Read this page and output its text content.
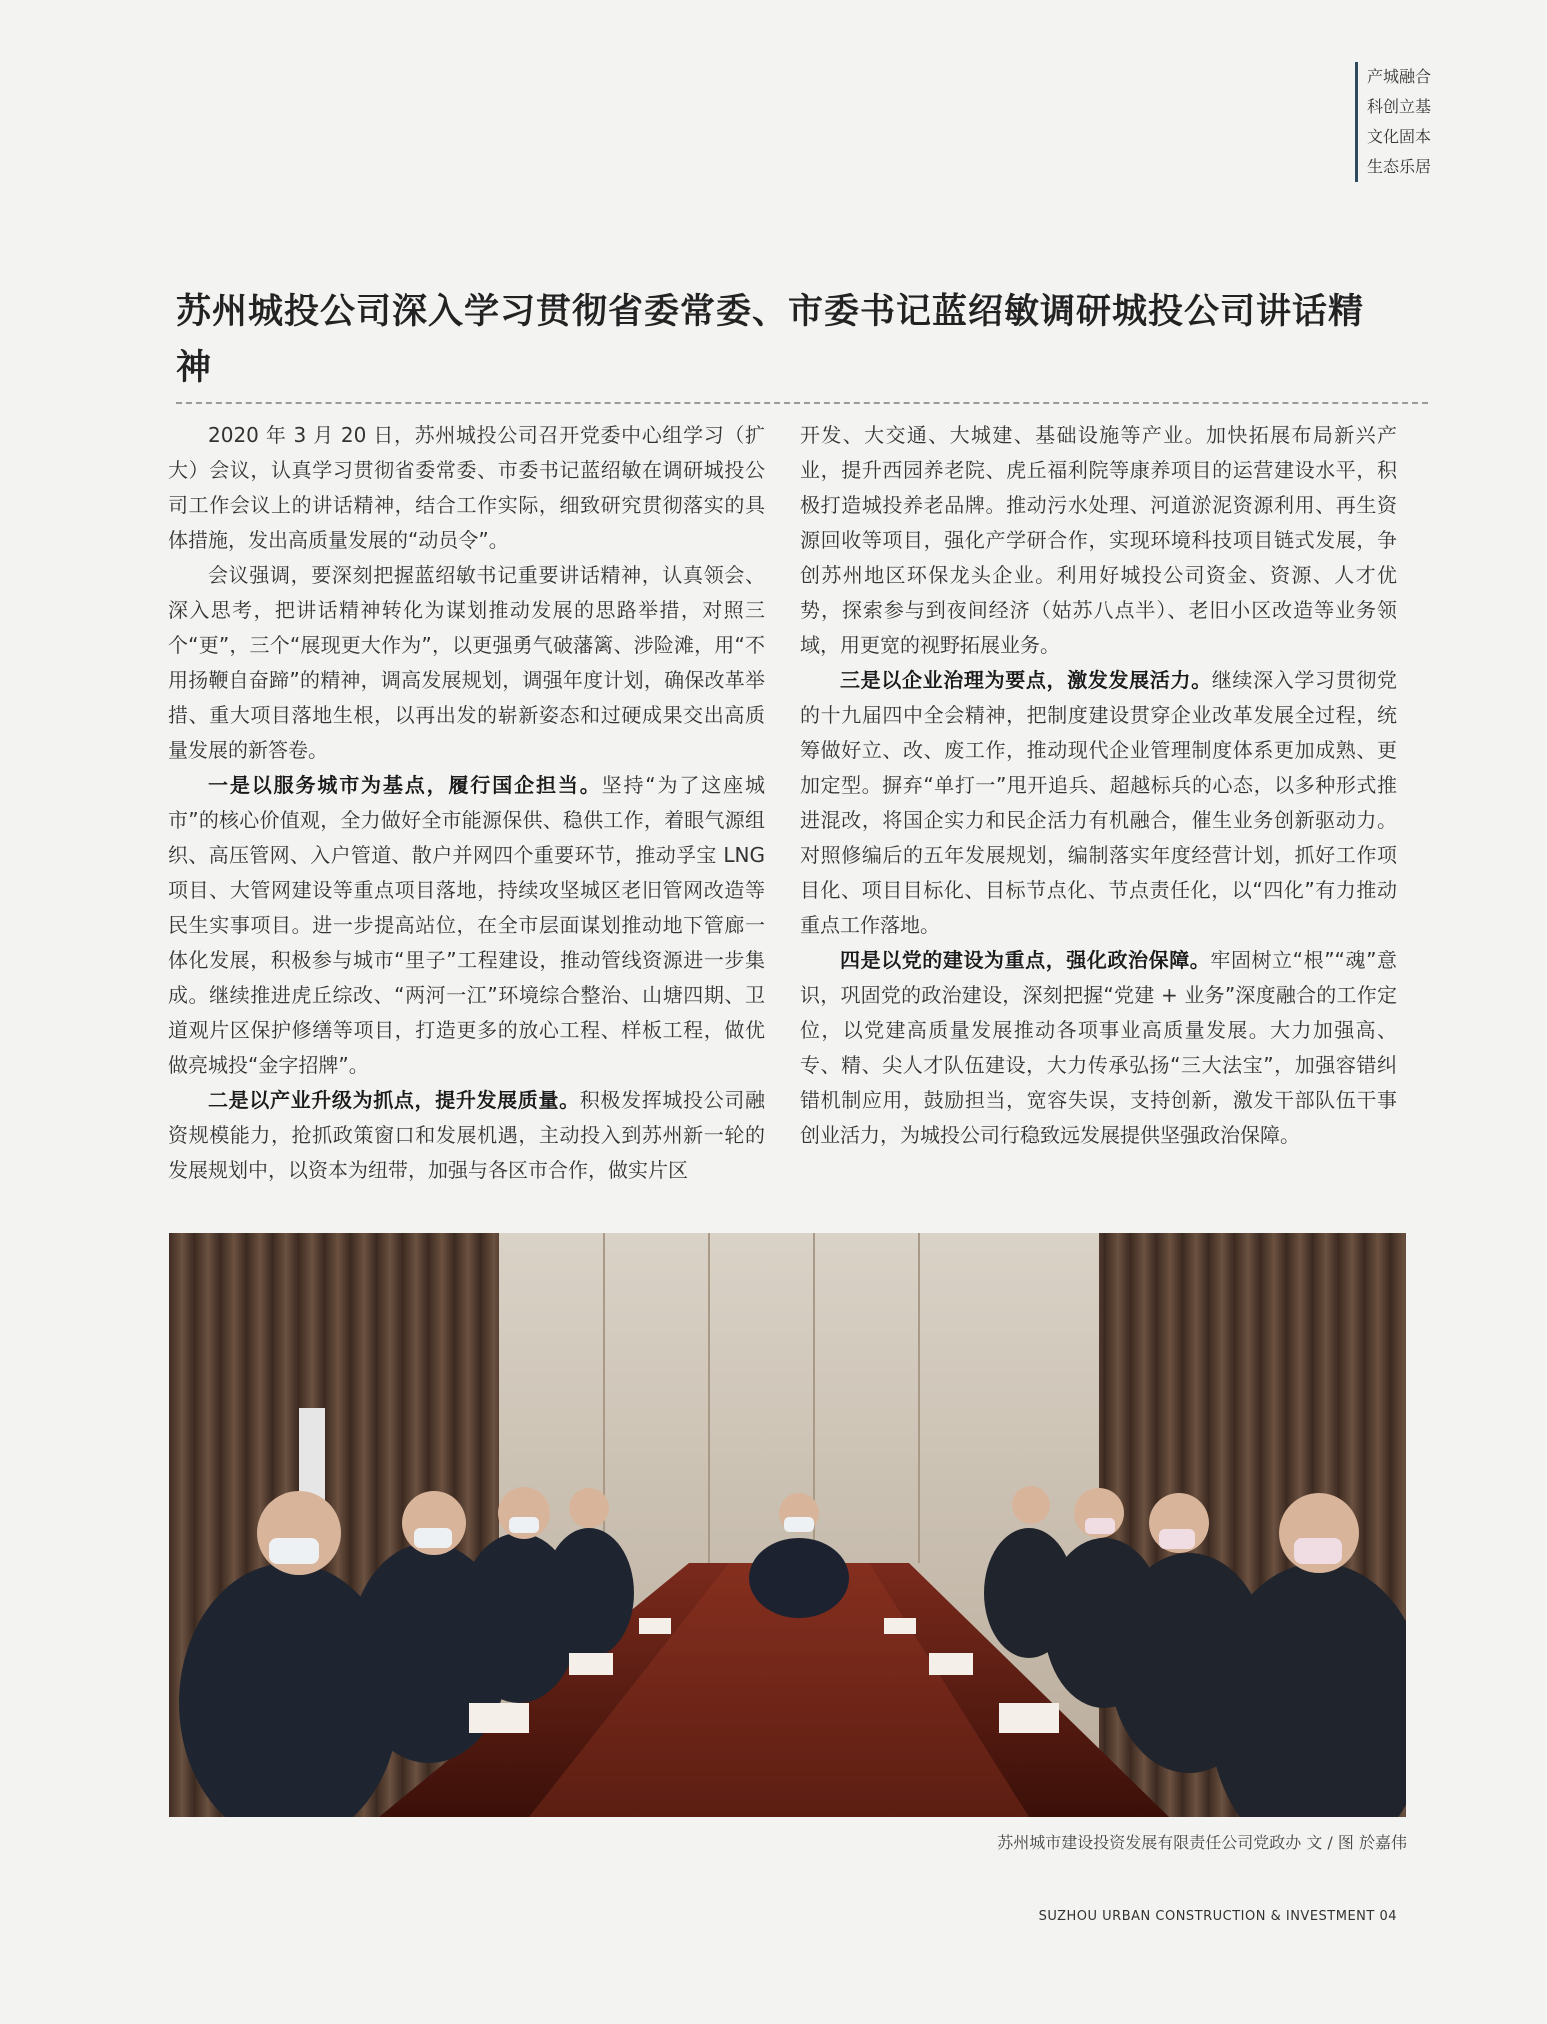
产城融合
科创立基
文化固本
生态乐居
苏州城投公司深入学习贯彻省委常委、市委书记蓝绍敏调研城投公司讲话精神

2020 年 3 月 20 日，苏州城投公司召开党委中心组学习（扩大）会议，认真学习贯彻省委常委、市委书记蓝绍敏在调研城投公司工作会议上的讲话精神，结合工作实际，细致研究贯彻落实的具体措施，发出高质量发展的“动员令”。

会议强调，要深刻把握蓝绍敏书记重要讲话精神，认真领会、深入思考，把讲话精神转化为谋划推动发展的思路举措，对照三个“更”，三个“展现更大作为”，以更强勇气破藩篱、涉险滩，用“不用扬鞭自奋蹄”的精神，调高发展规划，调强年度计划，确保改革举措、重大项目落地生根，以再出发的崭新姿态和过硬成果交出高质量发展的新答卷。

一是以服务城市为基点，履行国企担当。坚持“为了这座城市”的核心价值观，全力做好全市能源保供、稳供工作，着眼气源组织、高压管网、入户管道、散户并网四个重要环节，推动孚宝 LNG 项目、大管网建设等重点项目落地，持续攻坚城区老旧管网改造等民生实事项目。进一步提高站位，在全市层面谋划推动地下管廊一体化发展，积极参与城市“里子”工程建设，推动管线资源进一步集成。继续推进虎丘综改、“两河一江”环境综合整治、山塘四期、卫道观片区保护修缮等项目，打造更多的放心工程、样板工程，做优做亮城投“金字招牌”。

二是以产业升级为抓点，提升发展质量。积极发挥城投公司融资规模能力，抢抓政策窗口和发展机遇，主动投入到苏州新一轮的发展规划中，以资本为纽带，加强与各区市合作，做实片区

开发、大交通、大城建、基础设施等产业。加快拓展布局新兴产业，提升西园养老院、虎丘福利院等康养项目的运营建设水平，积极打造城投养老品牌。推动污水处理、河道淤泥资源利用、再生资源回收等项目，强化产学研合作，实现环境科技项目链式发展，争创苏州地区环保龙头企业。利用好城投公司资金、资源、人才优势，探索参与到夜间经济（姑苏八点半）、老旧小区改造等业务领域，用更宽的视野拓展业务。

三是以企业治理为要点，激发发展活力。继续深入学习贯彻党的十九届四中全会精神，把制度建设贯穿企业改革发展全过程，统筹做好立、改、废工作，推动现代企业管理制度体系更加成熟、更加定型。摒弃“单打一”甩开追兵、超越标兵的心态，以多种形式推进混改，将国企实力和民企活力有机融合，催生业务创新驱动力。对照修编后的五年发展规划，编制落实年度经营计划，抓好工作项目化、项目目标化、目标节点化、节点责任化，以“四化”有力推动重点工作落地。

四是以党的建设为重点，强化政治保障。牢固树立“根”“魂”意识，巩固党的政治建设，深刻把握“党建 + 业务”深度融合的工作定位，以党建高质量发展推动各项事业高质量发展。大力加强高、专、精、尖人才队伍建设，大力传承弘扬“三大法宝”，加强容错纠错机制应用，鼓励担当，宽容失误，支持创新，激发干部队伍干事创业活力，为城投公司行稳致远发展提供坚强政治保障。

苏州城市建设投资发展有限责任公司党政办 文 / 图 於嘉伟
SUZHOU URBAN CONSTRUCTION & INVESTMENT 04
